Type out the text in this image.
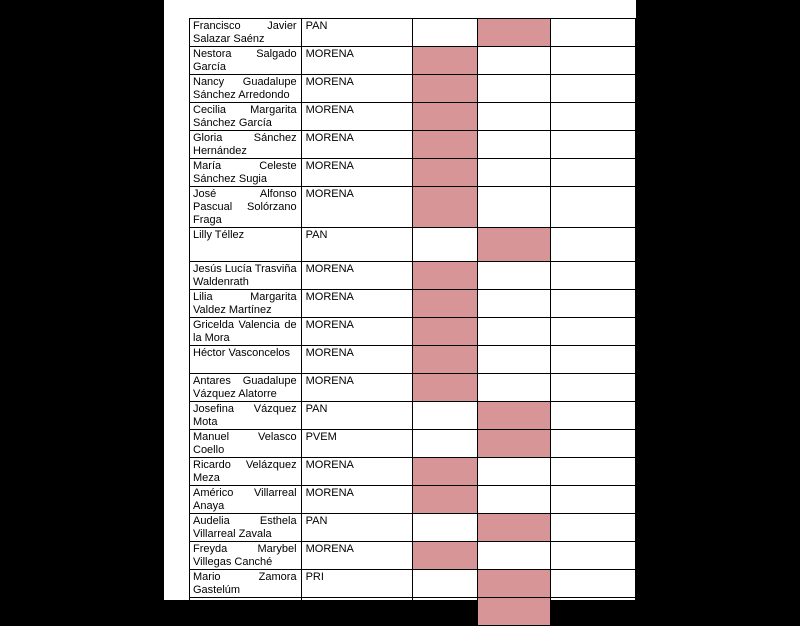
Francisco Javier Salazar Saénz	PAN			
Nestora Salgado García	MORENA			
Nancy Guadalupe Sánchez Arredondo	MORENA			
Cecilia Margarita Sánchez García	MORENA			
Gloria Sánchez Hernández	MORENA			
María Celeste Sánchez Sugia	MORENA			
José Alfonso Pascual Solórzano Fraga	MORENA			
Lilly Téllez	PAN			
Jesús Lucía Trasviña Waldenrath	MORENA			
Lilia Margarita Valdez Martínez	MORENA			
Gricelda Valencia de la Mora	MORENA			
Héctor Vasconcelos	MORENA			
Antares Guadalupe Vázquez Alatorre	MORENA			
Josefina Vázquez Mota	PAN			
Manuel Velasco Coello	PVEM			
Ricardo Velázquez Meza	MORENA			
Américo Villarreal Anaya	MORENA			
Audelia Esthela Villarreal Zavala	PAN			
Freyda Marybel Villegas Canché	MORENA			
Mario Zamora Gastelúm	PRI			
Rogelio Israel Zamora Guzmán	PVEM			
